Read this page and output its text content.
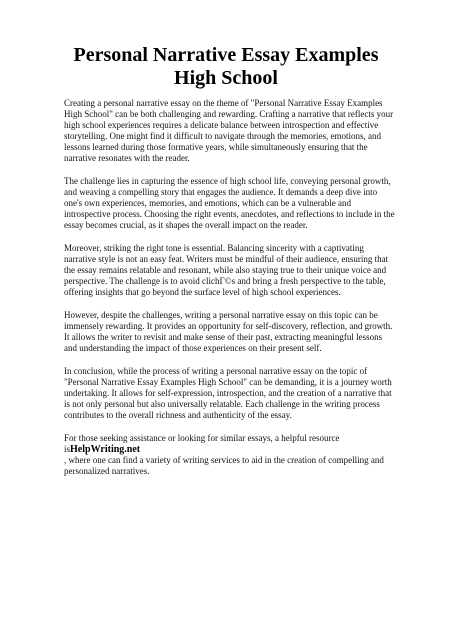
Personal Narrative Essay Examples High School

Creating a personal narrative essay on the theme of "Personal Narrative Essay Examples High School" can be both challenging and rewarding. Crafting a narrative that reflects your high school experiences requires a delicate balance between introspection and effective storytelling. One might find it difficult to navigate through the memories, emotions, and lessons learned during those formative years, while simultaneously ensuring that the narrative resonates with the reader.

The challenge lies in capturing the essence of high school life, conveying personal growth, and weaving a compelling story that engages the audience. It demands a deep dive into one's own experiences, memories, and emotions, which can be a vulnerable and introspective process. Choosing the right events, anecdotes, and reflections to include in the essay becomes crucial, as it shapes the overall impact on the reader.

Moreover, striking the right tone is essential. Balancing sincerity with a captivating narrative style is not an easy feat. Writers must be mindful of their audience, ensuring that the essay remains relatable and resonant, while also staying true to their unique voice and perspective. The challenge is to avoid clichГ©s and bring a fresh perspective to the table, offering insights that go beyond the surface level of high school experiences.

However, despite the challenges, writing a personal narrative essay on this topic can be immensely rewarding. It provides an opportunity for self-discovery, reflection, and growth. It allows the writer to revisit and make sense of their past, extracting meaningful lessons and understanding the impact of those experiences on their present self.

In conclusion, while the process of writing a personal narrative essay on the topic of "Personal Narrative Essay Examples High School" can be demanding, it is a journey worth undertaking. It allows for self-expression, introspection, and the creation of a narrative that is not only personal but also universally relatable. Each challenge in the writing process contributes to the overall richness and authenticity of the essay.

For those seeking assistance or looking for similar essays, a helpful resource isHelpWriting.net
, where one can find a variety of writing services to aid in the creation of compelling and personalized narratives.
